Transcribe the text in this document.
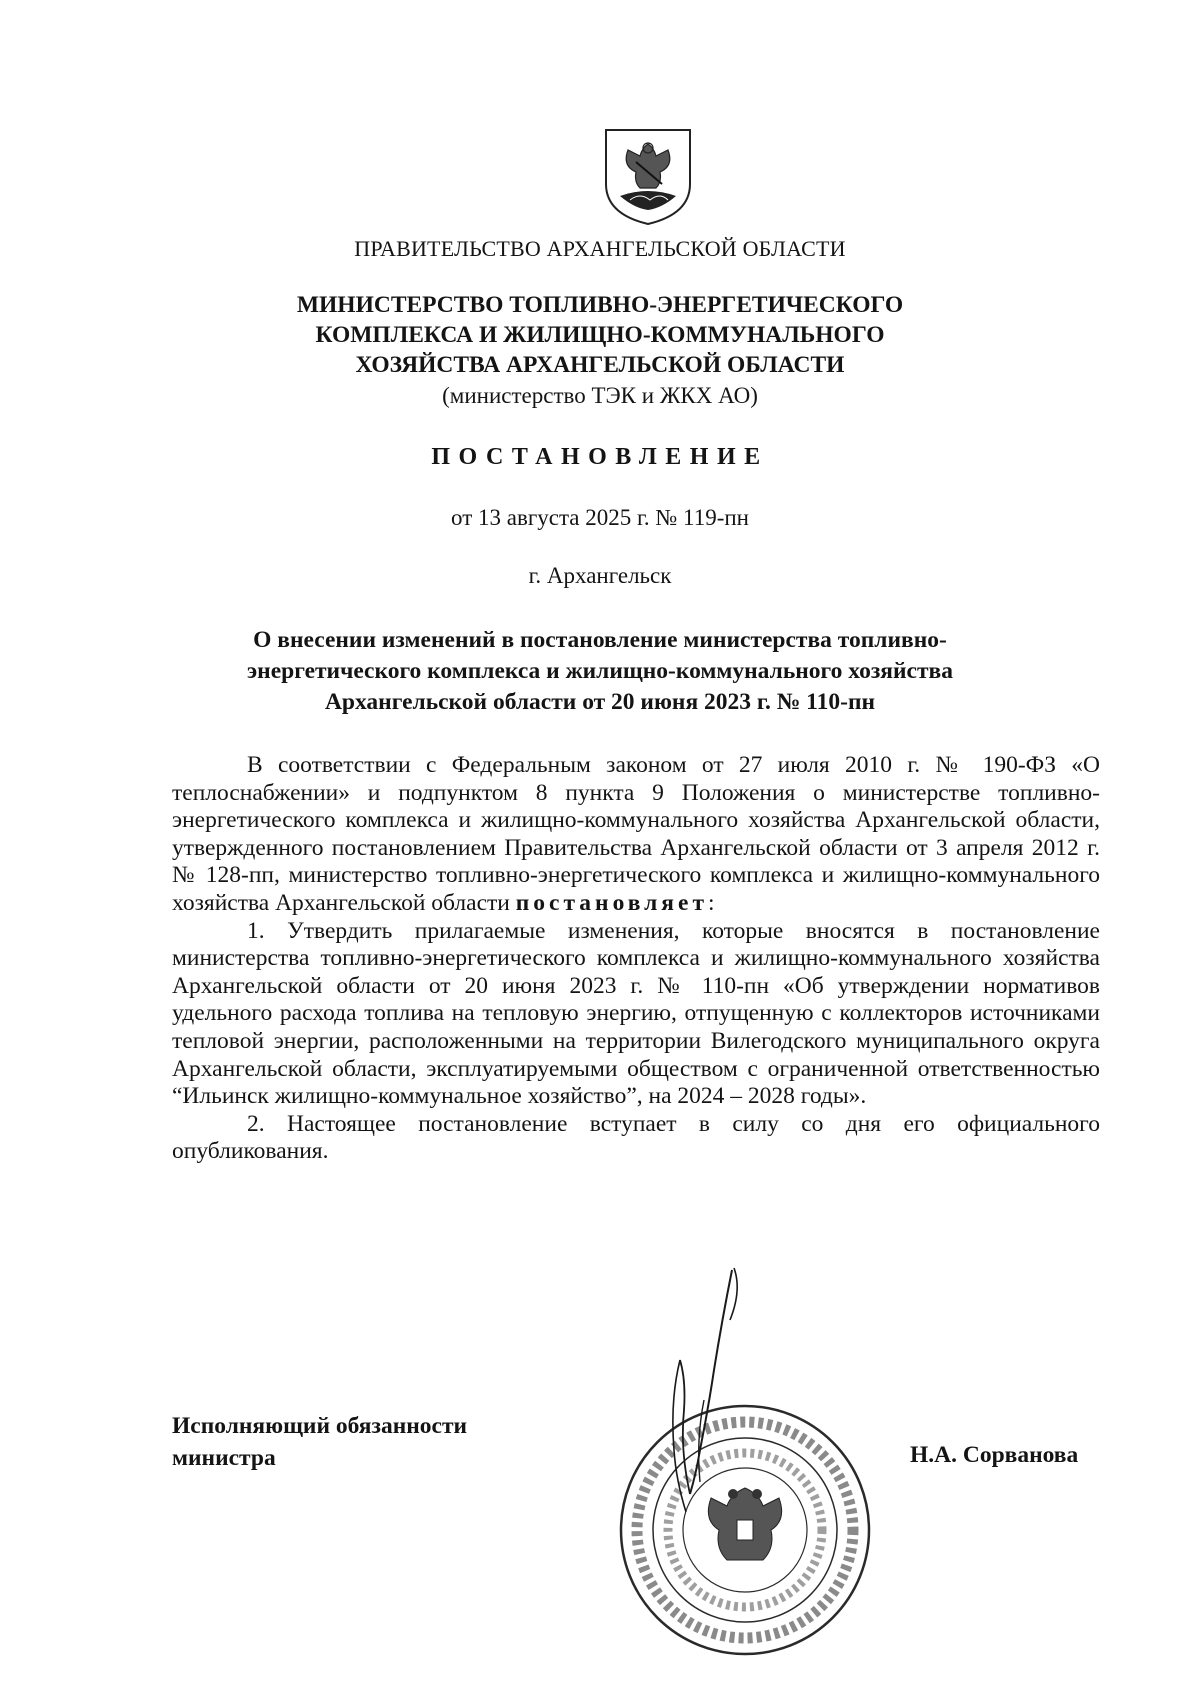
ПРАВИТЕЛЬСТВО АРХАНГЕЛЬСКОЙ ОБЛАСТИ
МИНИСТЕРСТВО ТОПЛИВНО-ЭНЕРГЕТИЧЕСКОГО
КОМПЛЕКСА И ЖИЛИЩНО-КОММУНАЛЬНОГО
ХОЗЯЙСТВА АРХАНГЕЛЬСКОЙ ОБЛАСТИ
(министерство ТЭК и ЖКХ АО)
ПОСТАНОВЛЕНИЕ
от 13 августа 2025 г. № 119-пн
г. Архангельск
О внесении изменений в постановление министерства топливно-
энергетического комплекса и жилищно-коммунального хозяйства
Архангельской области от 20 июня 2023 г. № 110-пн

В соответствии с Федеральным законом от 27 июля 2010 г. № 190-ФЗ «О теплоснабжении» и подпунктом 8 пункта 9 Положения о министерстве топливно-энергетического комплекса и жилищно-коммунального хозяйства Архангельской области, утвержденного постановлением Правительства Архангельской области от 3 апреля 2012 г. № 128-пп, министерство топливно-энергетического комплекса и жилищно-коммунального хозяйства Архангельской области постановляет:

1. Утвердить прилагаемые изменения, которые вносятся в постановление министерства топливно-энергетического комплекса и жилищно-коммунального хозяйства Архангельской области от 20 июня 2023 г. № 110-пн «Об утверждении нормативов удельного расхода топлива на тепловую энергию, отпущенную с коллекторов источниками тепловой энергии, расположенными на территории Вилегодского муниципального округа Архангельской области, эксплуатируемыми обществом с ограниченной ответственностью “Ильинск жилищно-коммунальное хозяйство”, на 2024 – 2028 годы».

2. Настоящее постановление вступает в силу со дня его официального опубликования.

Исполняющий обязанности
министра	Н.А. Сорванова
